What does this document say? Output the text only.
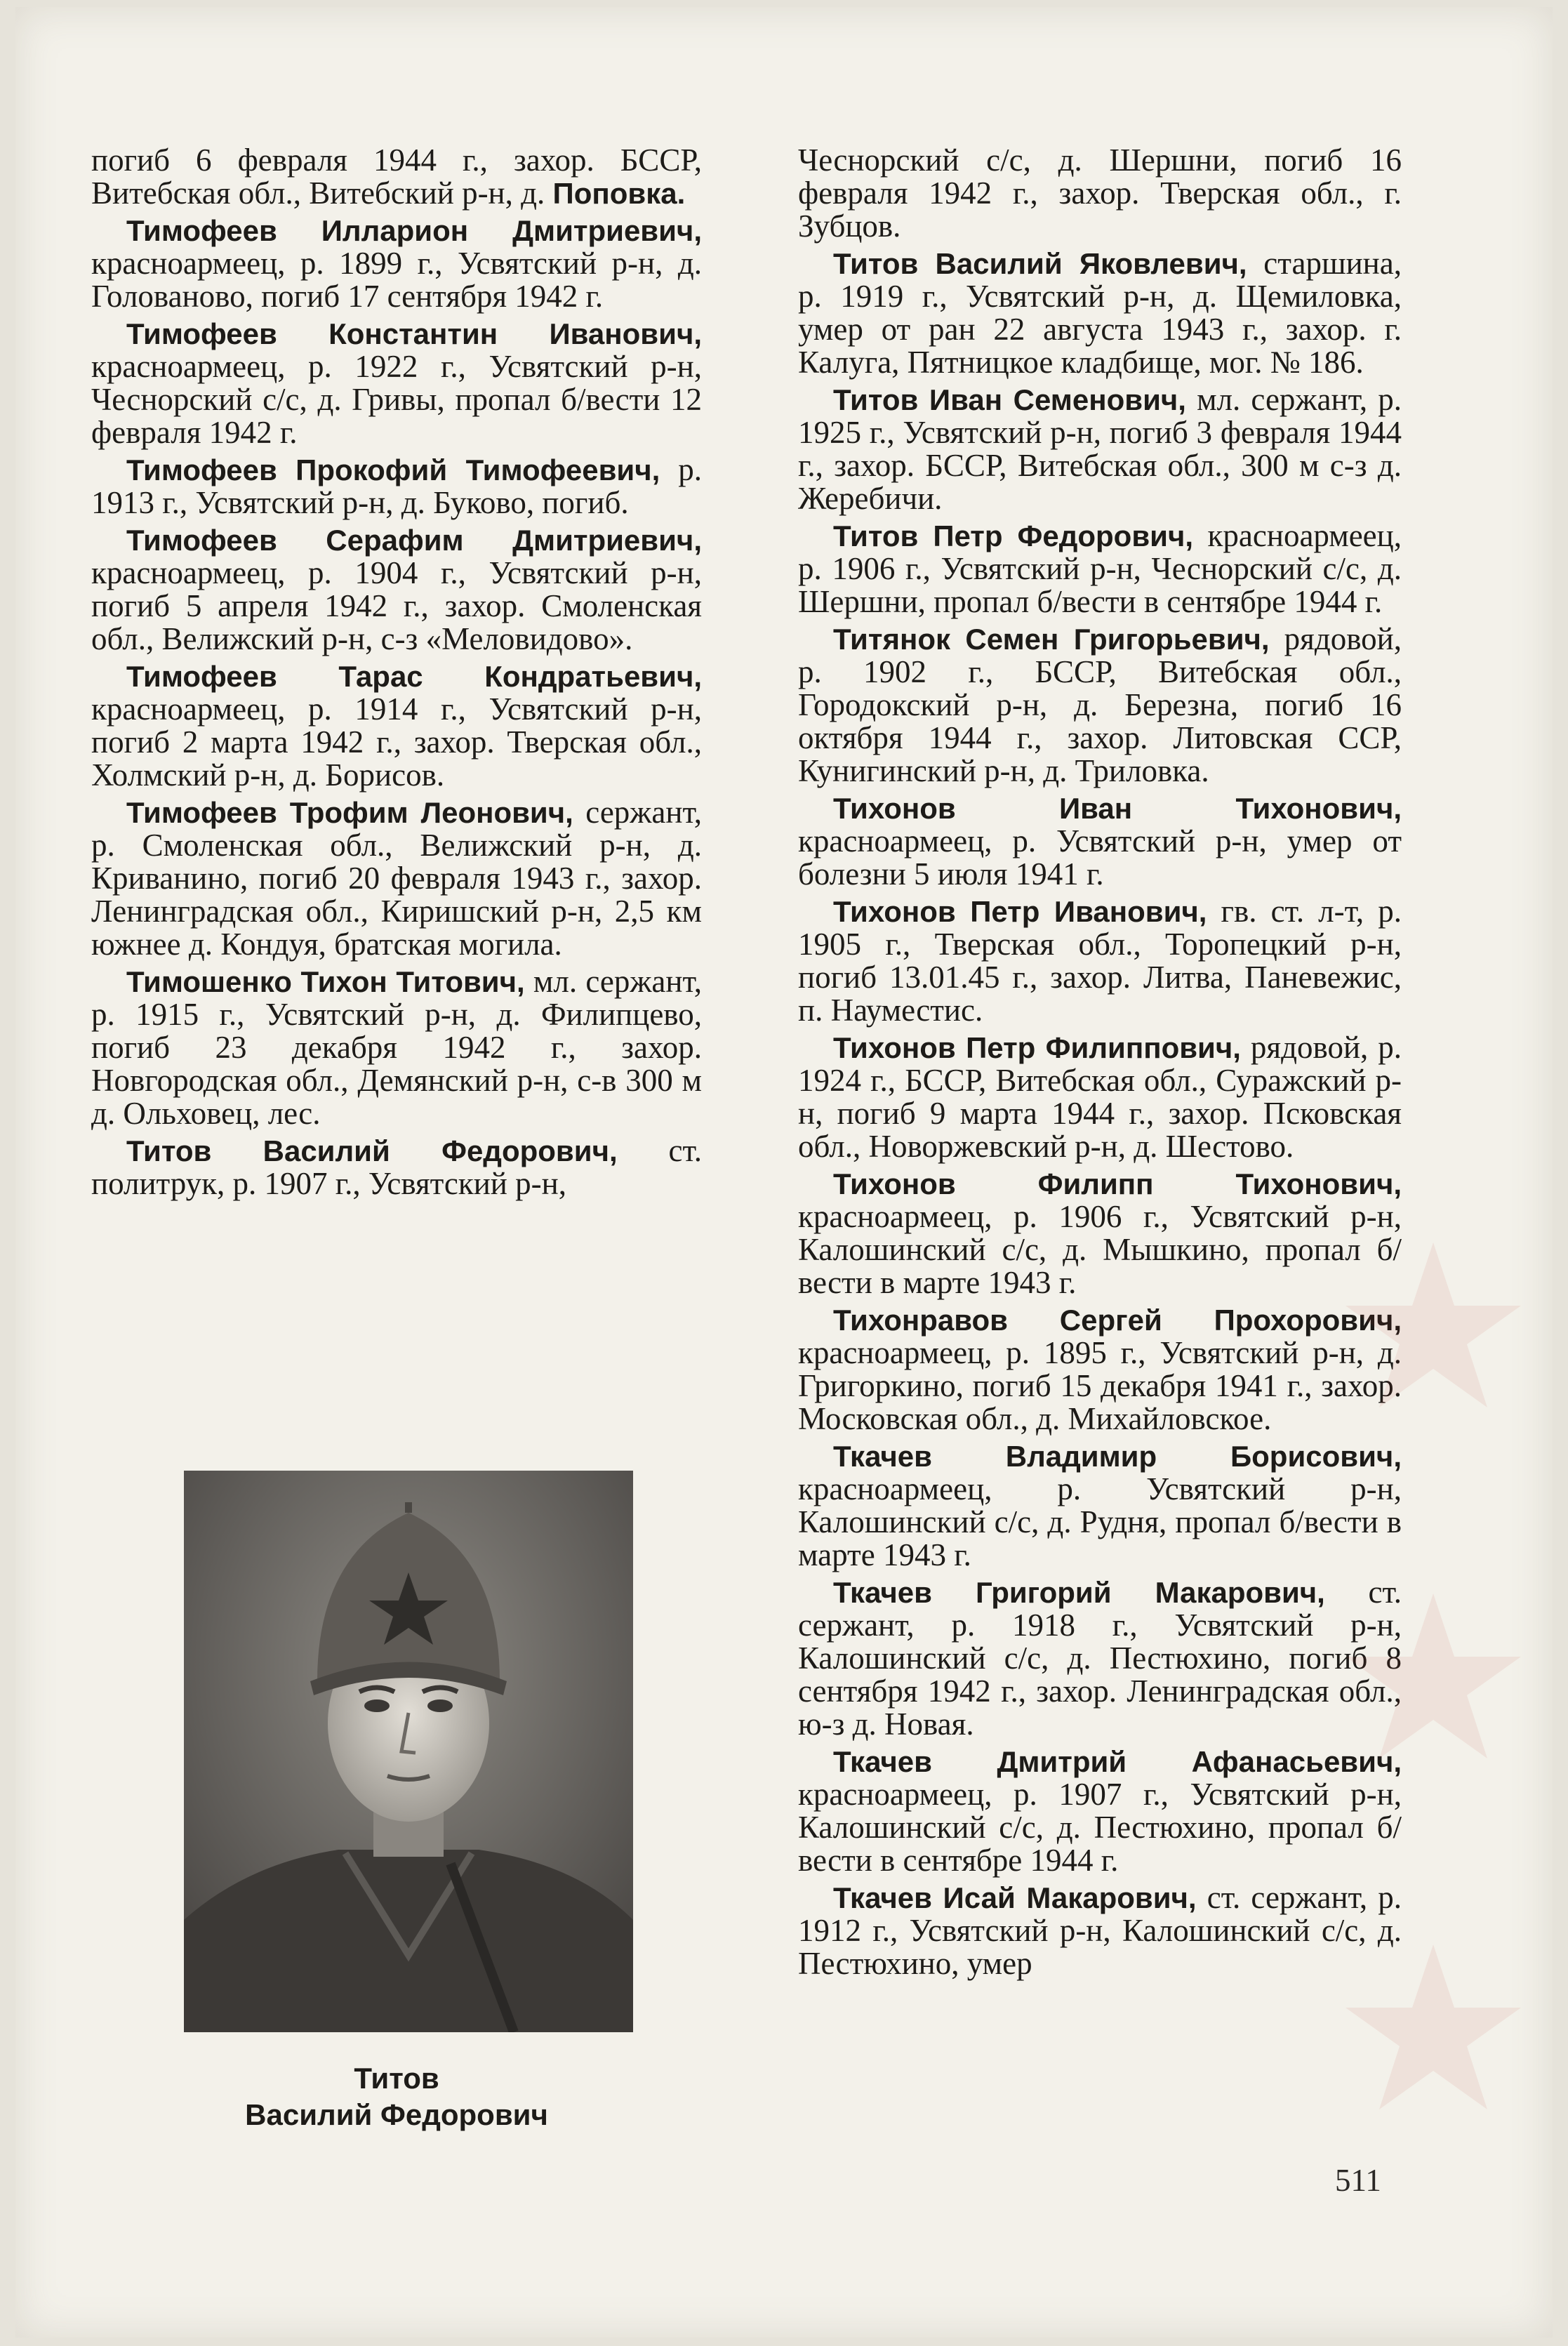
погиб 6 февраля 1944 г., захор. БССР, Витебская обл., Витебский р-н, д. Поповка.

Тимофеев Илларион Дмитриевич, красноармеец, р. 1899 г., Усвятский р-н, д. Голованово, погиб 17 сентября 1942 г.

Тимофеев Константин Иванович, красноармеец, р. 1922 г., Усвятский р-н, Чесноpский с/с, д. Гривы, пропал б/вести 12 февраля 1942 г.

Тимофеев Прокофий Тимофеевич, р. 1913 г., Усвятский р-н, д. Буково, погиб.

Тимофеев Серафим Дмитриевич, красноармеец, р. 1904 г., Усвятский р-н, погиб 5 апреля 1942 г., захор. Смоленская обл., Велижский р-н, с-з «Меловидово».

Тимофеев Тарас Кондратьевич, красноармеец, р. 1914 г., Усвятский р-н, погиб 2 марта 1942 г., захор. Тверская обл., Холмский р-н, д. Борисов.

Тимофеев Трофим Леонович, сержант, р. Смоленская обл., Велижский р-н, д. Криванино, погиб 20 февраля 1943 г., захор. Ленинградская обл., Киришский р-н, 2,5 км южнее д. Кондуя, братская могила.

Тимошенко Тихон Титович, мл. сержант, р. 1915 г., Усвятский р-н, д. Филипцево, погиб 23 декабря 1942 г., захор. Новгородская обл., Демянский р-н, с-в 300 м д. Ольховец, лес.

Титов Василий Федорович, ст. политрук, р. 1907 г., Усвятский р-н,

Титов
Василий Федорович

Чесноpский с/с, д. Шершни, погиб 16 февраля 1942 г., захор. Тверская обл., г. Зубцов.

Титов Василий Яковлевич, старшина, р. 1919 г., Усвятский р-н, д. Щемиловка, умер от ран 22 августа 1943 г., захор. г. Калуга, Пятницкое кладбище, мог. № 186.

Титов Иван Семенович, мл. сержант, р. 1925 г., Усвятский р-н, погиб 3 февраля 1944 г., захор. БССР, Витебская обл., 300 м с-з д. Жеребичи.

Титов Петр Федорович, красноармеец, р. 1906 г., Усвятский р-н, Чесноpский с/с, д. Шершни, пропал б/вести в сентябре 1944 г.

Титянок Семен Григорьевич, рядовой, р. 1902 г., БССР, Витебская обл., Городокский р-н, д. Березна, погиб 16 октября 1944 г., захор. Литовская ССР, Кунигинский р-н, д. Триловка.

Тихонов Иван Тихонович, красноармеец, р. Усвятский р-н, умер от болезни 5 июля 1941 г.

Тихонов Петр Иванович, гв. ст. л-т, р. 1905 г., Тверская обл., Торопецкий р-н, погиб 13.01.45 г., захор. Литва, Паневежис, п. Науместис.

Тихонов Петр Филиппович, рядовой, р. 1924 г., БССР, Витебская обл., Суражский р-н, погиб 9 марта 1944 г., захор. Псковская обл., Новоржевский р-н, д. Шестово.

Тихонов Филипп Тихонович, красноармеец, р. 1906 г., Усвятский р-н, Калошинский с/с, д. Мышкино, пропал б/вести в марте 1943 г.

Тихонравов Сергей Прохорович, красноармеец, р. 1895 г., Усвятский р-н, д. Григоркино, погиб 15 декабря 1941 г., захор. Московская обл., д. Михайловское.

Ткачев Владимир Борисович, красноармеец, р. Усвятский р-н, Калошинский с/с, д. Рудня, пропал б/вести в марте 1943 г.

Ткачев Григорий Макарович, ст. сержант, р. 1918 г., Усвятский р-н, Калошинский с/с, д. Пестюхино, погиб 8 сентября 1942 г., захор. Ленинградская обл., ю-з д. Новая.

Ткачев Дмитрий Афанасьевич, красноармеец, р. 1907 г., Усвятский р-н, Калошинский с/с, д. Пестюхино, пропал б/вести в сентябре 1944 г.

Ткачев Исай Макарович, ст. сержант, р. 1912 г., Усвятский р-н, Калошинский с/с, д. Пестюхино, умер

511
